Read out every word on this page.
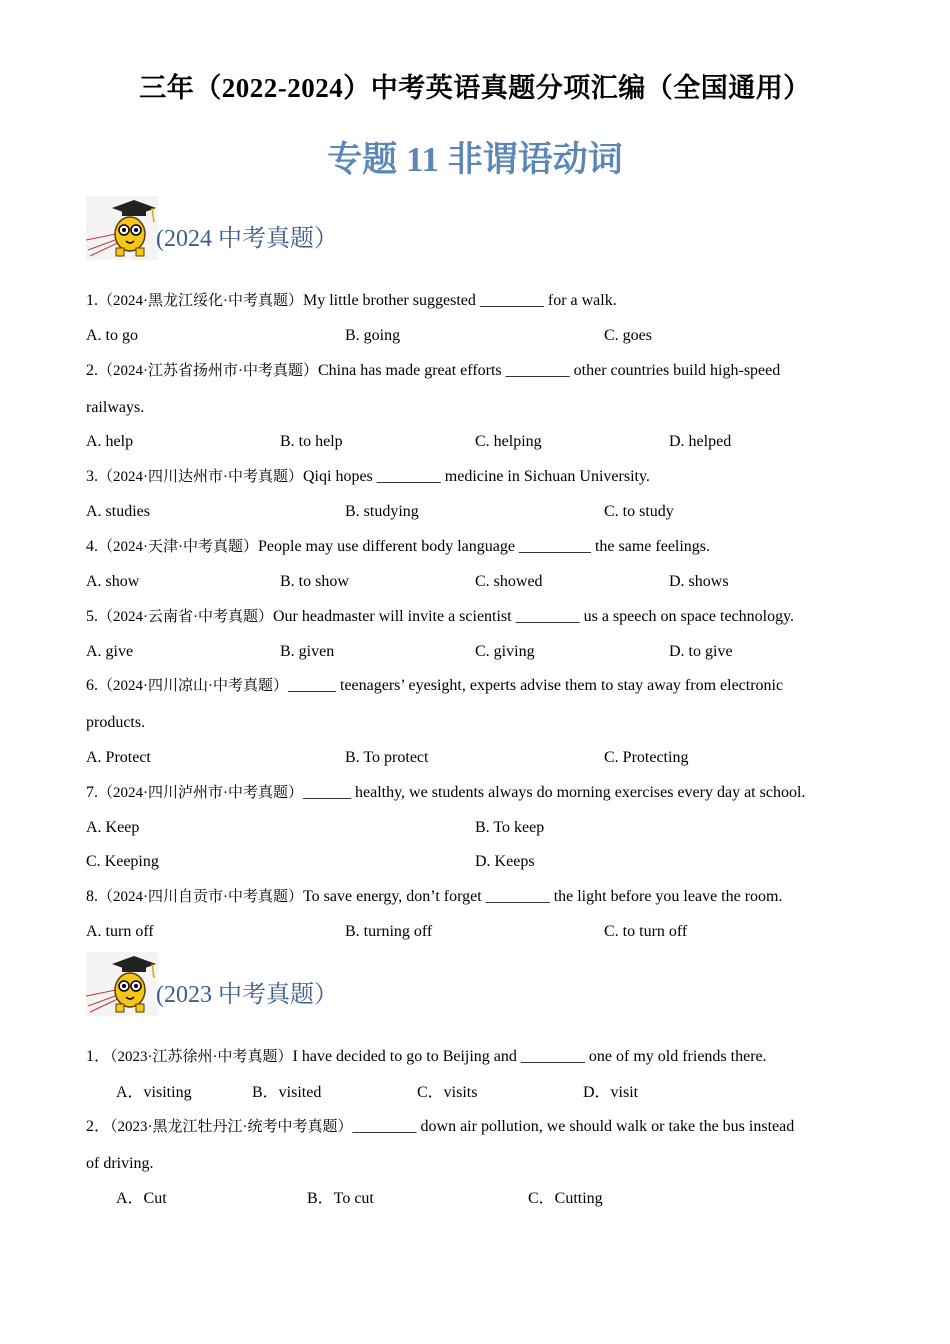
三年（2022-2024）中考英语真题分项汇编（全国通用）
专题 11 非谓语动词
(2024 中考真题）
1.（2024·黑龙江绥化·中考真题）My little brother suggested ________ for a walk.
A. to go	B. going	C. goes
2.（2024·江苏省扬州市·中考真题）China has made great efforts ________ other countries build high-speed
railways.
A. help	B. to help	C. helping	D. helped
3.（2024·四川达州市·中考真题）Qiqi hopes ________ medicine in Sichuan University.
A. studies	B. studying	C. to study
4.（2024·天津·中考真题）People may use different body language _________ the same feelings.
A. show	B. to show	C. showed	D. shows
5.（2024·云南省·中考真题）Our headmaster will invite a scientist ________ us a speech on space technology.
A. give	B. given	C. giving	D. to give
6.（2024·四川凉山·中考真题）______ teenagers’ eyesight, experts advise them to stay away from electronic
products.
A. Protect	B. To protect	C. Protecting
7.（2024·四川泸州市·中考真题）______ healthy, we students always do morning exercises every day at school.
A. Keep	B. To keep
C. Keeping	D. Keeps
8.（2024·四川自贡市·中考真题）To save energy, don’t forget ________ the light before you leave the room.
A. turn off	B. turning off	C. to turn off
(2023 中考真题）
1．（2023·江苏徐州·中考真题）I have decided to go to Beijing and ________ one of my old friends there.
A．visiting	B．visited	C．visits	D．visit
2．（2023·黑龙江牡丹江·统考中考真题）________ down air pollution, we should walk or take the bus instead
of driving.
A．Cut	B．To cut	C．Cutting
